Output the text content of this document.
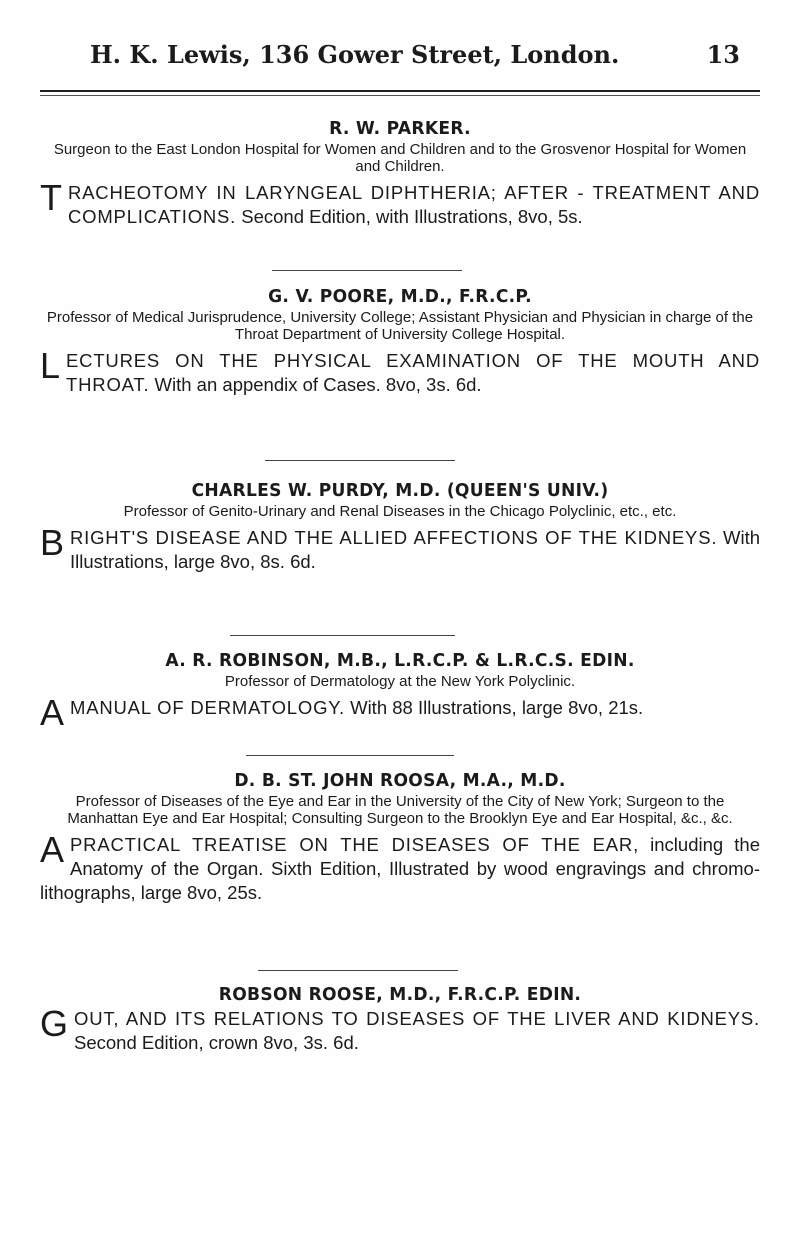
H. K. Lewis, 136 Gower Street, London.	13
R. W. PARKER.
Surgeon to the East London Hospital for Women and Children and to the Grosvenor Hospital for Women and Children.
T RACHEOTOMY IN LARYNGEAL DIPHTHERIA; AFTER - TREATMENT AND COMPLICATIONS. Second Edition, with Illustrations, 8vo, 5s.
G. V. POORE, M.D., F.R.C.P.
Professor of Medical Jurisprudence, University College; Assistant Physician and Physician in charge of the Throat Department of University College Hospital.
L ECTURES ON THE PHYSICAL EXAMINATION OF THE MOUTH AND THROAT. With an appendix of Cases. 8vo, 3s. 6d.
CHARLES W. PURDY, M.D. (QUEEN'S UNIV.)
Professor of Genito-Urinary and Renal Diseases in the Chicago Polyclinic, etc., etc.
B RIGHT'S DISEASE AND THE ALLIED AFFECTIONS OF THE KIDNEYS. With Illustrations, large 8vo, 8s. 6d.
A. R. ROBINSON, M.B., L.R.C.P. & L.R.C.S. EDIN.
Professor of Dermatology at the New York Polyclinic.
A MANUAL OF DERMATOLOGY. With 88 Illustrations, large 8vo, 21s.
D. B. ST. JOHN ROOSA, M.A., M.D.
Professor of Diseases of the Eye and Ear in the University of the City of New York; Surgeon to the Manhattan Eye and Ear Hospital; Consulting Surgeon to the Brooklyn Eye and Ear Hospital, &c., &c.
A PRACTICAL TREATISE ON THE DISEASES OF THE EAR, including the Anatomy of the Organ. Sixth Edition, Illustrated by wood engravings and chromo-lithographs, large 8vo, 25s.
ROBSON ROOSE, M.D., F.R.C.P. EDIN.
G OUT, AND ITS RELATIONS TO DISEASES OF THE LIVER AND KIDNEYS. Second Edition, crown 8vo, 3s. 6d.
